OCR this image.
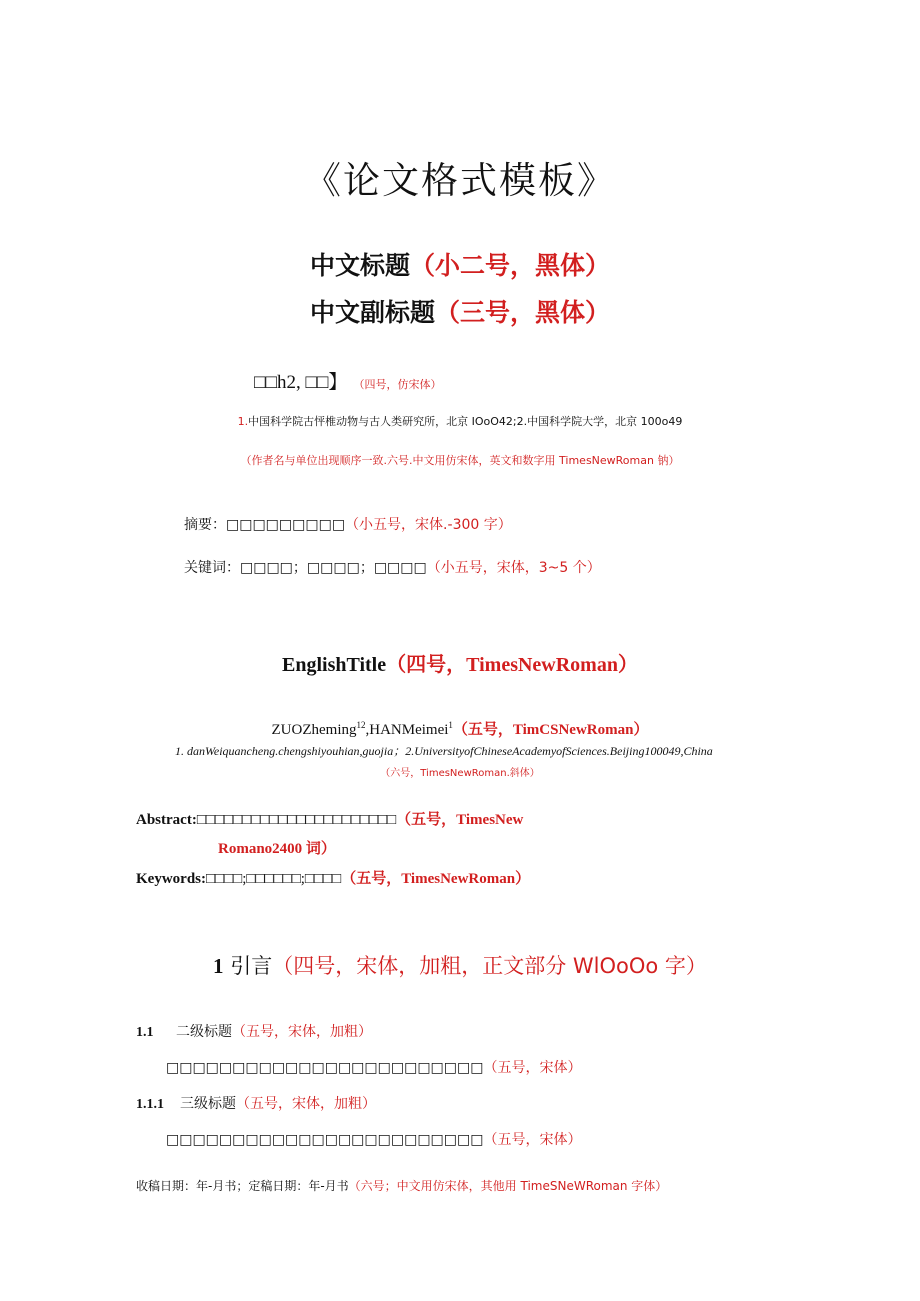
《论文格式模板》
中文标题（小二号，黑体）
中文副标题（三号，黑体）
□□h2, □□】 （四号，仿宋体）
1.中国科学院古怦椎动物与古人类研究所，北京 IOoO42;2.中国科学院大学，北京 100o49
（作者名与单位出现顺序一致.六号.中文用仿宋体，英文和数字用 TimesNewRoman 钠）
摘要：□□□□□□□□□（小五号，宋体.-300 字）
关键词：□□□□；□□□□；□□□□（小五号，宋体，3~5 个）
EnglishTitle（四号，TimesNewRoman）
ZUOZheming$^{12}$,HANMeimei$^1$（五号，TimCSNewRoman）
1. danWeiquancheng.chengshiyouhian,guojia；2.UniversityofChineseAcademyofSciences.Beijing100049,China
（六号，TimesNewRoman.斜体）
Abstract:□□□□□□□□□□□□□□□□□□□□□□（五号，TimesNew
Romano2400 词）
Keywords:□□□□;□□□□□□;□□□□（五号，TimesNewRoman）
1 引言（四号，宋体，加粗，正文部分 WlOoOo 字）
1.1 二级标题（五号，宋体，加粗）
□□□□□□□□□□□□□□□□□□□□□□□□（五号，宋体）
1.1.1 三级标题（五号，宋体，加粗）
□□□□□□□□□□□□□□□□□□□□□□□□（五号，宋体）
收稿日期：年-月书；定稿日期：年-月书（六号；中文用仿宋体，其他用 TimeSNeWRoman 字体）
